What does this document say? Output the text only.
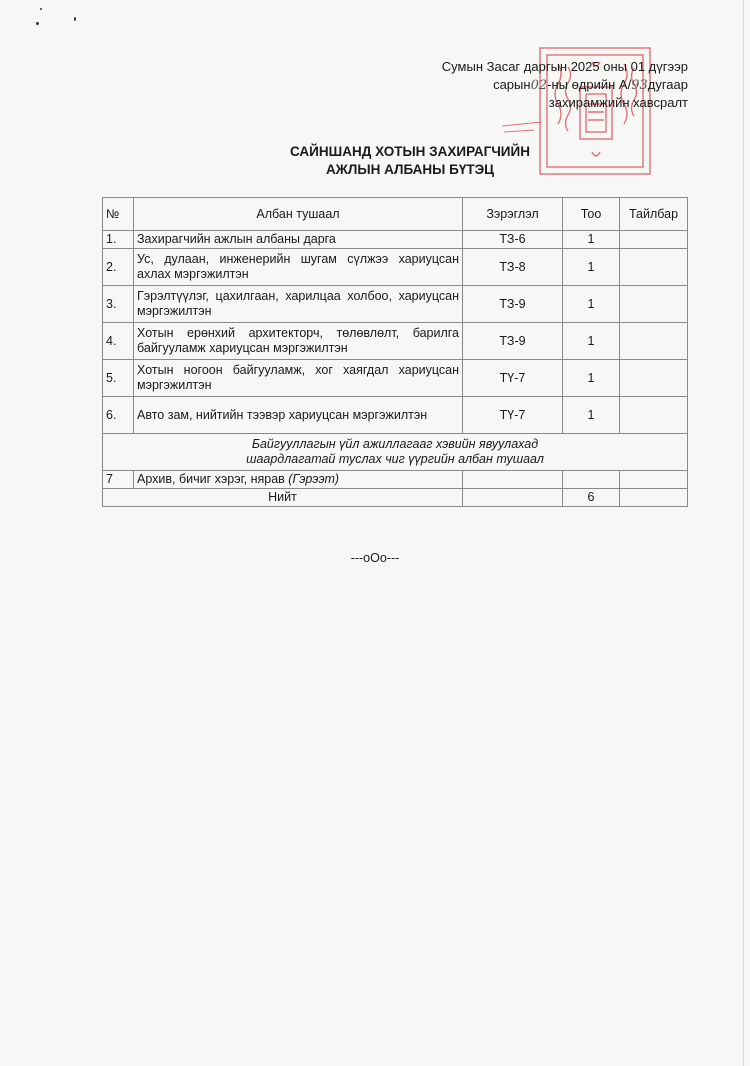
Сумын Засаг даргын 2025 оны 01 дүгээр
сарын02-ны өдрийн А/93дугаар
захирамжийн хавсралт
САЙНШАНД ХОТЫН ЗАХИРАГЧИЙН
АЖЛЫН АЛБАНЫ БҮТЭЦ
№	Албан тушаал	Зэрэглэл	Тоо	Тайлбар
1.	Захирагчийн ажлын албаны дарга	ТЗ-6	1	
2.	Ус, дулаан, инженерийн шугам сүлжээ хариуцсан ахлах мэргэжилтэн	ТЗ-8	1	
3.	Гэрэлтүүлэг, цахилгаан, харилцаа холбоо, хариуцсан мэргэжилтэн	ТЗ-9	1	
4.	Хотын ерөнхий архитекторч, төлөвлөлт, барилга байгууламж хариуцсан мэргэжилтэн	ТЗ-9	1	
5.	Хотын ногоон байгууламж, хог хаягдал хариуцсан мэргэжилтэн	ТҮ-7	1	
6.	Авто зам, нийтийн тээвэр хариуцсан мэргэжилтэн	ТҮ-7	1	

Байгууллагын үйл ажиллагааг хэвийн явуулахад
шаардлагатай туслах чиг үүргийн албан тушаал				

7	Архив, бичиг хэрэг, нярав (Гэрээт)			
Нийт			6	
---оОо---
